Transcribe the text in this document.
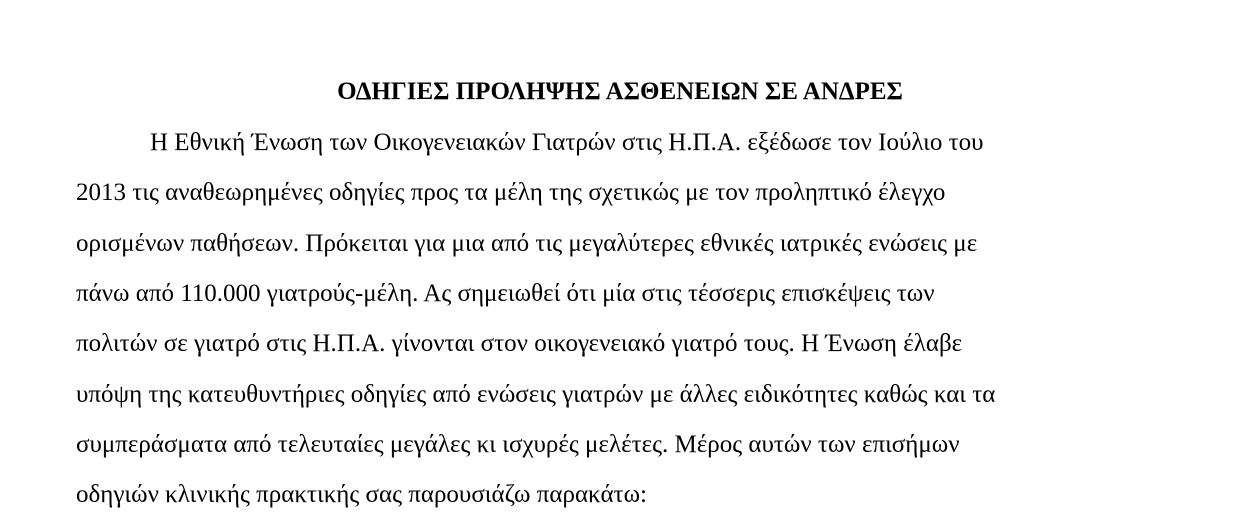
ΟΔΗΓΙΕΣ ΠΡΟΛΗΨΗΣ ΑΣΘΕΝΕΙΩΝ ΣΕ ΑΝΔΡΕΣ
Η Εθνική Ένωση των Οικογενειακών Γιατρών στις Η.Π.Α. εξέδωσε τον Ιούλιο του
2013 τις αναθεωρημένες οδηγίες προς τα μέλη της σχετικώς με τον προληπτικό έλεγχο
ορισμένων παθήσεων. Πρόκειται για μια από τις μεγαλύτερες εθνικές ιατρικές ενώσεις με
πάνω από 110.000 γιατρούς-μέλη. Ας σημειωθεί ότι μία στις τέσσερις επισκέψεις των
πολιτών σε γιατρό στις Η.Π.Α. γίνονται στον οικογενειακό γιατρό τους. Η Ένωση έλαβε
υπόψη της κατευθυντήριες οδηγίες από ενώσεις γιατρών με άλλες ειδικότητες καθώς και τα
συμπεράσματα από τελευταίες μεγάλες κι ισχυρές μελέτες. Μέρος αυτών των επισήμων
οδηγιών κλινικής πρακτικής σας παρουσιάζω παρακάτω:
